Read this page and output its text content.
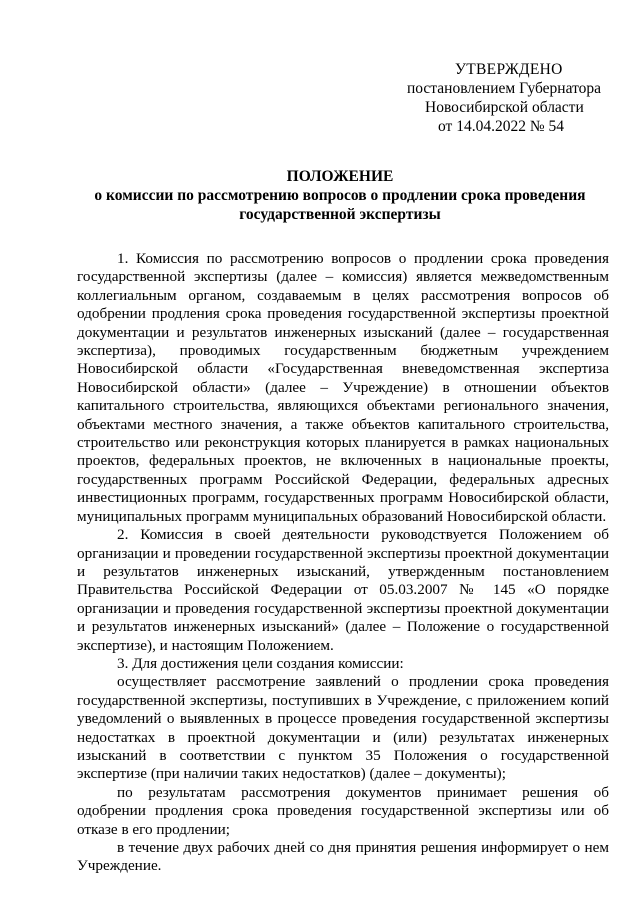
УТВЕРЖДЕНО
постановлением Губернатора
Новосибирской области
от 14.04.2022 № 54
ПОЛОЖЕНИЕ
о комиссии по рассмотрению вопросов о продлении срока проведения
государственной экспертизы

1. Комиссия по рассмотрению вопросов о продлении срока проведения государственной экспертизы (далее – комиссия) является межведомственным коллегиальным органом, создаваемым в целях рассмотрения вопросов об одобрении продления срока проведения государственной экспертизы проектной документации и результатов инженерных изысканий (далее – государственная экспертиза), проводимых государственным бюджетным учреждением Новосибирской области «Государственная вневедомственная экспертиза Новосибирской области» (далее – Учреждение) в отношении объектов капитального строительства, являющихся объектами регионального значения, объектами местного значения, а также объектов капитального строительства, строительство или реконструкция которых планируется в рамках национальных проектов, федеральных проектов, не включенных в национальные проекты, государственных программ Российской Федерации, федеральных адресных инвестиционных программ, государственных программ Новосибирской области, муниципальных программ муниципальных образований Новосибирской области.

2. Комиссия в своей деятельности руководствуется Положением об организации и проведении государственной экспертизы проектной документации и результатов инженерных изысканий, утвержденным постановлением Правительства Российской Федерации от 05.03.2007 № 145 «О порядке организации и проведения государственной экспертизы проектной документации и результатов инженерных изысканий» (далее – Положение о государственной экспертизе), и настоящим Положением.

3. Для достижения цели создания комиссии:

осуществляет рассмотрение заявлений о продлении срока проведения государственной экспертизы, поступивших в Учреждение, с приложением копий уведомлений о выявленных в процессе проведения государственной экспертизы недостатках в проектной документации и (или) результатах инженерных изысканий в соответствии с пунктом 35 Положения о государственной экспертизе (при наличии таких недостатков) (далее – документы);

по результатам рассмотрения документов принимает решения об одобрении продления срока проведения государственной экспертизы или об отказе в его продлении;

в течение двух рабочих дней со дня принятия решения информирует о нем Учреждение.
